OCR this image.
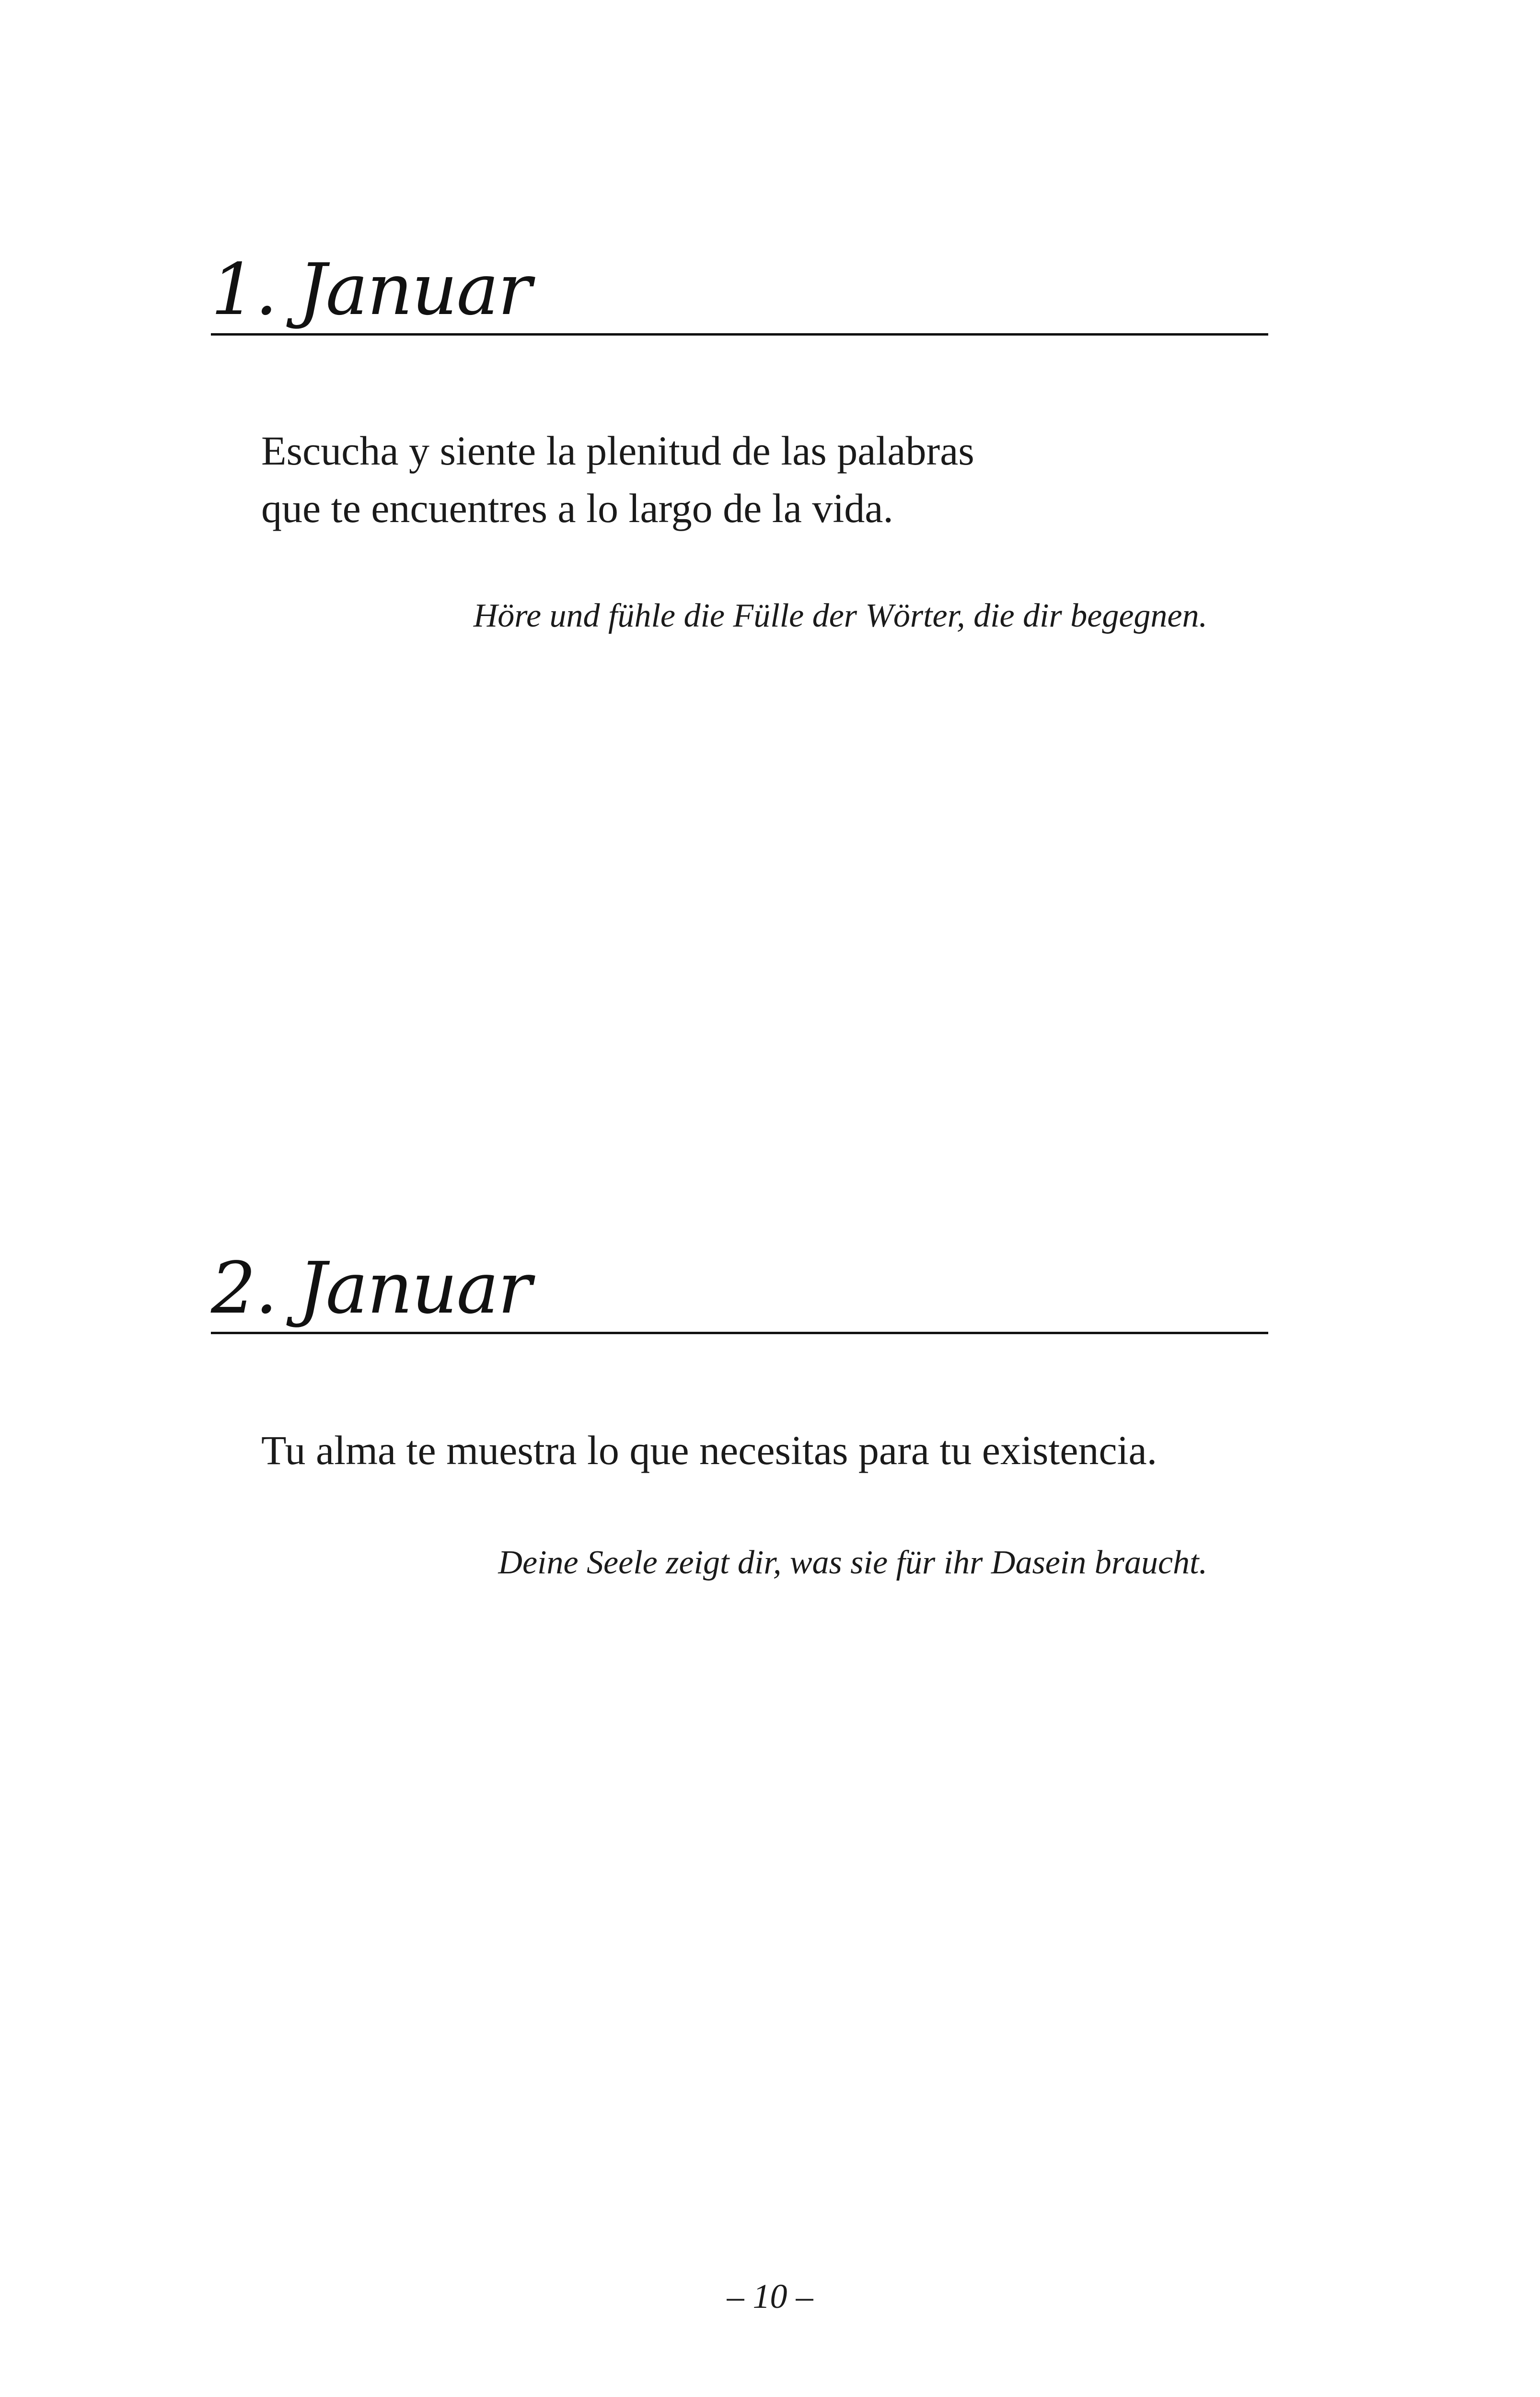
1. Januar
Escucha y siente la plenitud de las palabras
que te encuentres a lo largo de la vida.
Höre und fühle die Fülle der Wörter, die dir begegnen.
2. Januar
Tu alma te muestra lo que necesitas para tu existencia.
Deine Seele zeigt dir, was sie für ihr Dasein braucht.
– 10 –
